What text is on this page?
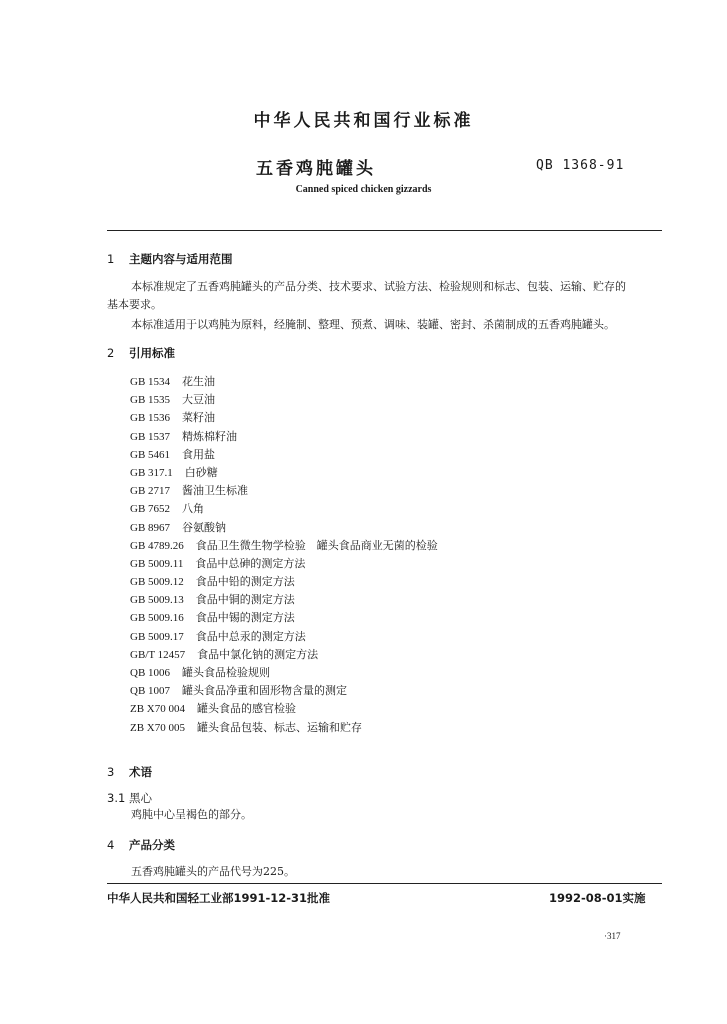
中华人民共和国行业标准
五香鸡肫罐头	QB 1368-91
Canned spiced chicken gizzards
1 主题内容与适用范围
本标准规定了五香鸡肫罐头的产品分类、技术要求、试验方法、检验规则和标志、包装、运输、贮存的
基本要求。
本标准适用于以鸡肫为原料，经腌制、整理、预煮、调味、装罐、密封、杀菌制成的五香鸡肫罐头。
2 引用标准
GB 1534 花生油
GB 1535 大豆油
GB 1536 菜籽油
GB 1537 精炼棉籽油
GB 5461 食用盐
GB 317.1 白砂糖
GB 2717 酱油卫生标准
GB 7652 八角
GB 8967 谷氨酸钠
GB 4789.26 食品卫生微生物学检验　罐头食品商业无菌的检验
GB 5009.11 食品中总砷的测定方法
GB 5009.12 食品中铅的测定方法
GB 5009.13 食品中铜的测定方法
GB 5009.16 食品中锡的测定方法
GB 5009.17 食品中总汞的测定方法
GB/T 12457 食品中氯化钠的测定方法
QB 1006 罐头食品检验规则
QB 1007 罐头食品净重和固形物含量的测定
ZB X70 004 罐头食品的感官检验
ZB X70 005 罐头食品包装、标志、运输和贮存
3 术语
3.1 黑心
鸡肫中心呈褐色的部分。
4 产品分类
五香鸡肫罐头的产品代号为225。
中华人民共和国轻工业部1991-12-31批准	1992-08-01实施
·317
